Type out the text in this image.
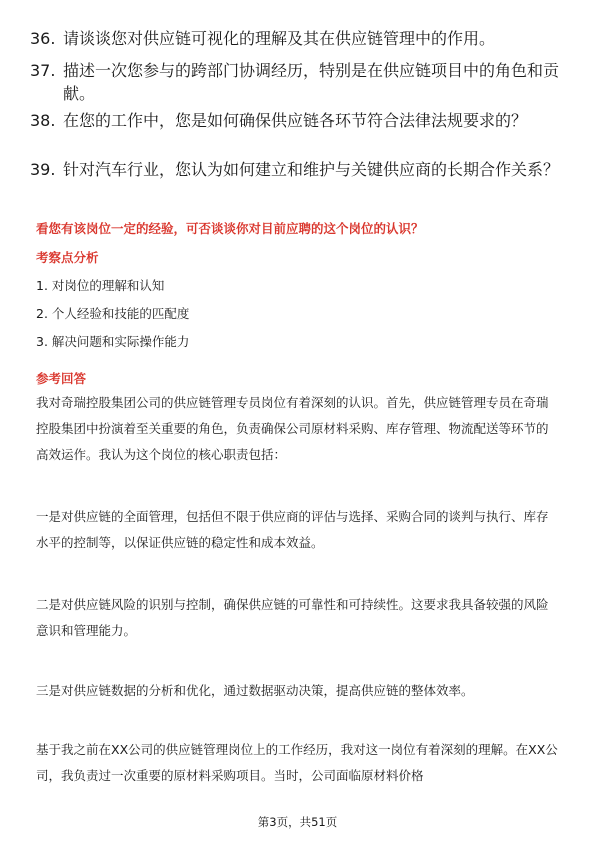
36. 请谈谈您对供应链可视化的理解及其在供应链管理中的作用。
37. 描述一次您参与的跨部门协调经历，特别是在供应链项目中的角色和贡献。
38. 在您的工作中，您是如何确保供应链各环节符合法律法规要求的？
39. 针对汽车行业，您认为如何建立和维护与关键供应商的长期合作关系？
看您有该岗位一定的经验，可否谈谈你对目前应聘的这个岗位的认识？
考察点分析
1. 对岗位的理解和认知
2. 个人经验和技能的匹配度
3. 解决问题和实际操作能力
参考回答
我对奇瑞控股集团公司的供应链管理专员岗位有着深刻的认识。首先，供应链管理专员在奇瑞控股集团中扮演着至关重要的角色，负责确保公司原材料采购、库存管理、物流配送等环节的高效运作。我认为这个岗位的核心职责包括：
一是对供应链的全面管理，包括但不限于供应商的评估与选择、采购合同的谈判与执行、库存水平的控制等，以保证供应链的稳定性和成本效益。
二是对供应链风险的识别与控制，确保供应链的可靠性和可持续性。这要求我具备较强的风险意识和管理能力。
三是对供应链数据的分析和优化，通过数据驱动决策，提高供应链的整体效率。
基于我之前在XX公司的供应链管理岗位上的工作经历，我对这一岗位有着深刻的理解。在XX公司，我负责过一次重要的原材料采购项目。当时，公司面临原材料价格
第3页，共51页
